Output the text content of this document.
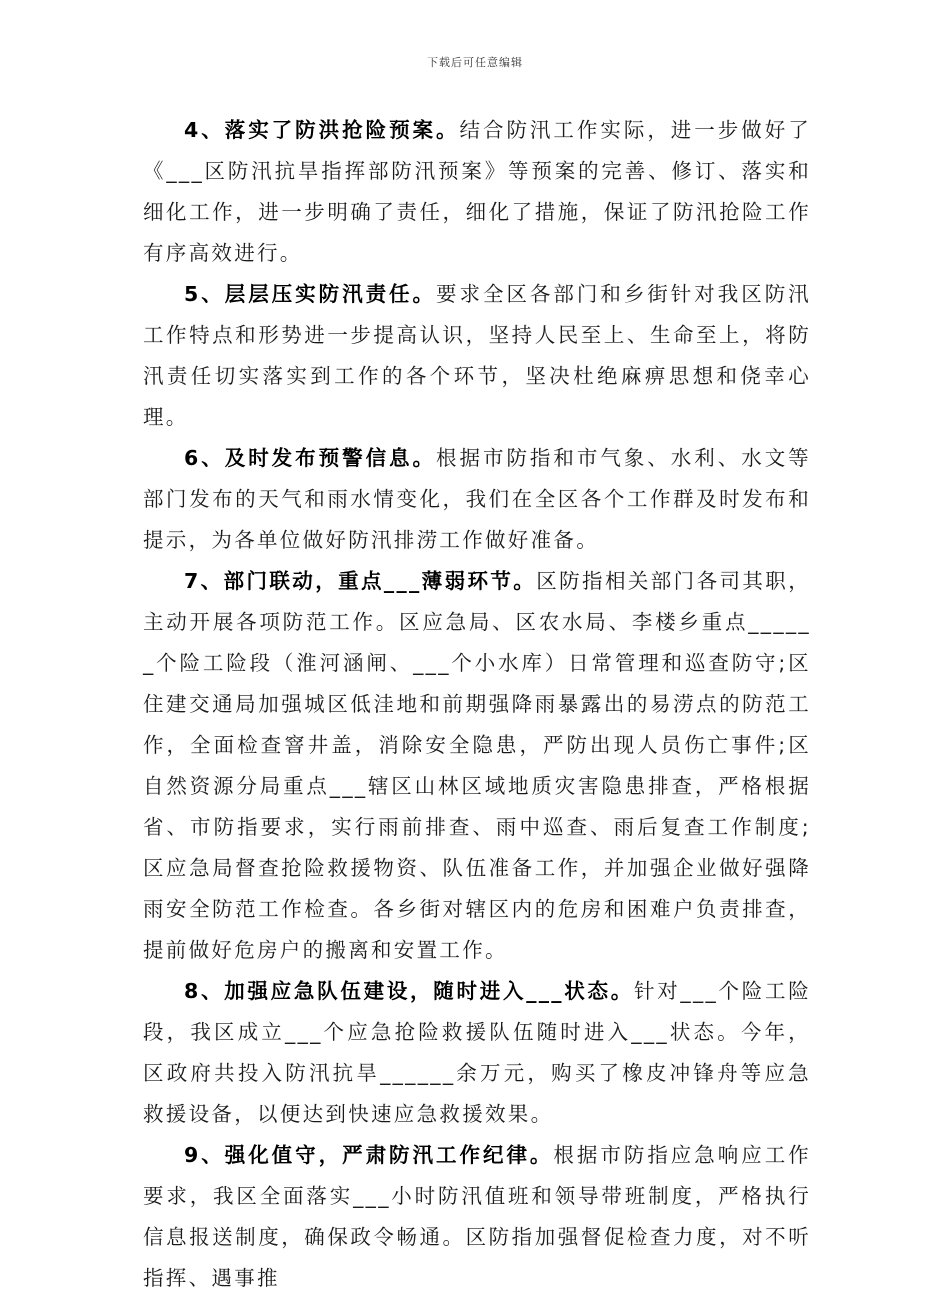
下载后可任意编辑

4、落实了防洪抢险预案。结合防汛工作实际，进一步做好了《___区防汛抗旱指挥部防汛预案》等预案的完善、修订、落实和细化工作，进一步明确了责任，细化了措施，保证了防汛抢险工作有序高效进行。

5、层层压实防汛责任。要求全区各部门和乡街针对我区防汛工作特点和形势进一步提高认识，坚持人民至上、生命至上，将防汛责任切实落实到工作的各个环节，坚决杜绝麻痹思想和侥幸心理。

6、及时发布预警信息。根据市防指和市气象、水利、水文等部门发布的天气和雨水情变化，我们在全区各个工作群及时发布和提示，为各单位做好防汛排涝工作做好准备。

7、部门联动，重点___薄弱环节。区防指相关部门各司其职，主动开展各项防范工作。区应急局、区农水局、李楼乡重点______个险工险段（淮河涵闸、___个小水库）日常管理和巡查防守;区住建交通局加强城区低洼地和前期强降雨暴露出的易涝点的防范工作，全面检查窨井盖，消除安全隐患，严防出现人员伤亡事件;区自然资源分局重点___辖区山林区域地质灾害隐患排查，严格根据省、市防指要求，实行雨前排查、雨中巡查、雨后复查工作制度;区应急局督查抢险救援物资、队伍准备工作，并加强企业做好强降雨安全防范工作检查。各乡街对辖区内的危房和困难户负责排查，提前做好危房户的搬离和安置工作。

8、加强应急队伍建设，随时进入___状态。针对___个险工险段，我区成立___个应急抢险救援队伍随时进入___状态。今年，区政府共投入防汛抗旱______余万元，购买了橡皮冲锋舟等应急救援设备，以便达到快速应急救援效果。

9、强化值守，严肃防汛工作纪律。根据市防指应急响应工作要求，我区全面落实___小时防汛值班和领导带班制度，严格执行信息报送制度，确保政令畅通。区防指加强督促检查力度，对不听指挥、遇事推
